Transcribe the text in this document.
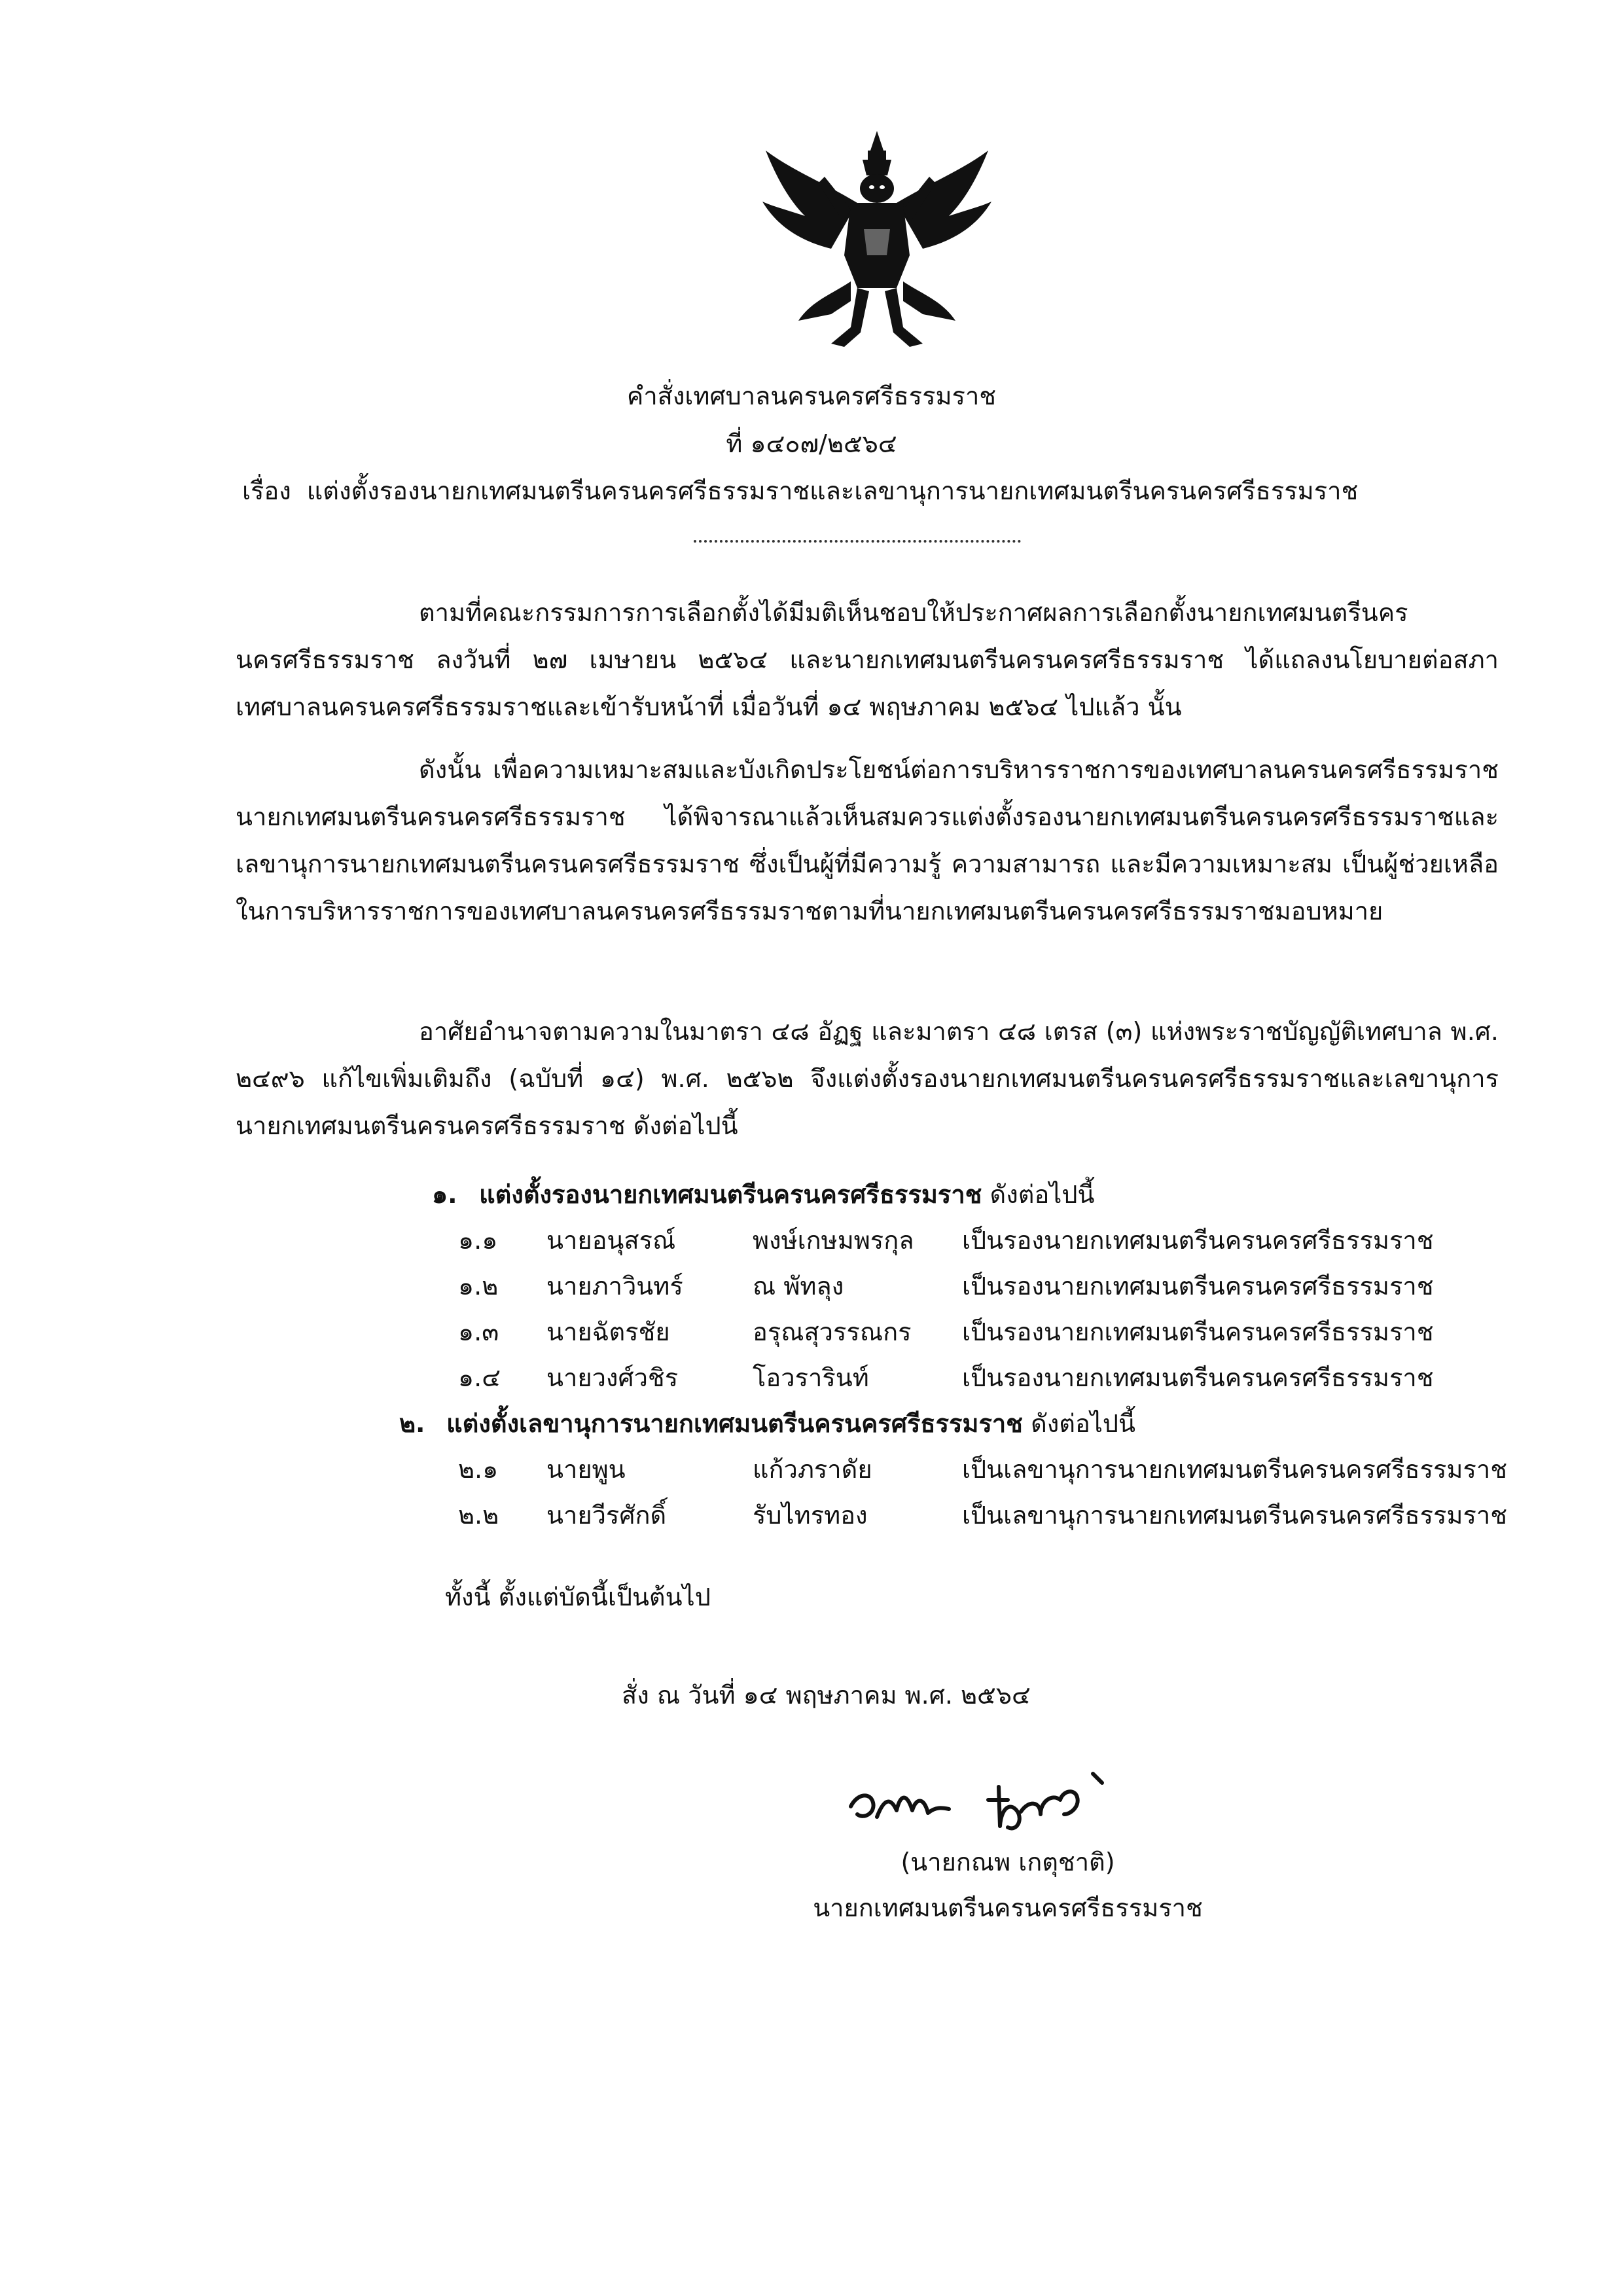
คำสั่งเทศบาลนครนครศรีธรรมราช
ที่ ๑๔๐๗/๒๕๖๔
เรื่อง แต่งตั้งรองนายกเทศมนตรีนครนครศรีธรรมราชและเลขานุการนายกเทศมนตรีนครนครศรีธรรมราช
ตามที่คณะกรรมการการเลือกตั้งได้มีมติเห็นชอบให้ประกาศผลการเลือกตั้งนายกเทศมนตรีนครนครศรีธรรมราช ลงวันที่ ๒๗ เมษายน ๒๕๖๔ และนายกเทศมนตรีนครนครศรีธรรมราช ได้แถลงนโยบายต่อสภาเทศบาลนครนครศรีธรรมราชและเข้ารับหน้าที่ เมื่อวันที่ ๑๔ พฤษภาคม ๒๕๖๔ ไปแล้ว นั้น
ดังนั้น เพื่อความเหมาะสมและบังเกิดประโยชน์ต่อการบริหารราชการของเทศบาลนครนครศรีธรรมราช นายกเทศมนตรีนครนครศรีธรรมราช ได้พิจารณาแล้วเห็นสมควรแต่งตั้งรองนายกเทศมนตรีนครนครศรีธรรมราชและเลขานุการนายกเทศมนตรีนครนครศรีธรรมราช ซึ่งเป็นผู้ที่มีความรู้ ความสามารถ และมีความเหมาะสม เป็นผู้ช่วยเหลือในการบริหารราชการของเทศบาลนครนครศรีธรรมราชตามที่นายกเทศมนตรีนครนครศรีธรรมราชมอบหมาย
อาศัยอำนาจตามความในมาตรา ๔๘ อัฏฐ และมาตรา ๔๘ เตรส (๓) แห่งพระราชบัญญัติเทศบาล พ.ศ. ๒๔๙๖ แก้ไขเพิ่มเติมถึง (ฉบับที่ ๑๔) พ.ศ. ๒๕๖๒ จึงแต่งตั้งรองนายกเทศมนตรีนครนครศรีธรรมราชและเลขานุการนายกเทศมนตรีนครนครศรีธรรมราช ดังต่อไปนี้
๑. แต่งตั้งรองนายกเทศมนตรีนครนครศรีธรรมราช ดังต่อไปนี้
๑.๑ นายอนุสรณ์	พงษ์เกษมพรกุล เป็นรองนายกเทศมนตรีนครนครศรีธรรมราช
๑.๒ นายภาวินทร์	ณ พัทลุง	เป็นรองนายกเทศมนตรีนครนครศรีธรรมราช
๑.๓ นายฉัตรชัย	อรุณสุวรรณกร เป็นรองนายกเทศมนตรีนครนครศรีธรรมราช
๑.๔ นายวงศ์วชิร	โอวรารินท์	เป็นรองนายกเทศมนตรีนครนครศรีธรรมราช
๒. แต่งตั้งเลขานุการนายกเทศมนตรีนครนครศรีธรรมราช ดังต่อไปนี้
๒.๑ นายพูน	แก้วภราดัย	เป็นเลขานุการนายกเทศมนตรีนครนครศรีธรรมราช
๒.๒ นายวีรศักดิ์	รับไทรทอง	เป็นเลขานุการนายกเทศมนตรีนครนครศรีธรรมราช
ทั้งนี้ ตั้งแต่บัดนี้เป็นต้นไป
สั่ง ณ วันที่ ๑๔ พฤษภาคม พ.ศ. ๒๕๖๔
(นายกณพ เกตุชาติ)
นายกเทศมนตรีนครนครศรีธรรมราช
